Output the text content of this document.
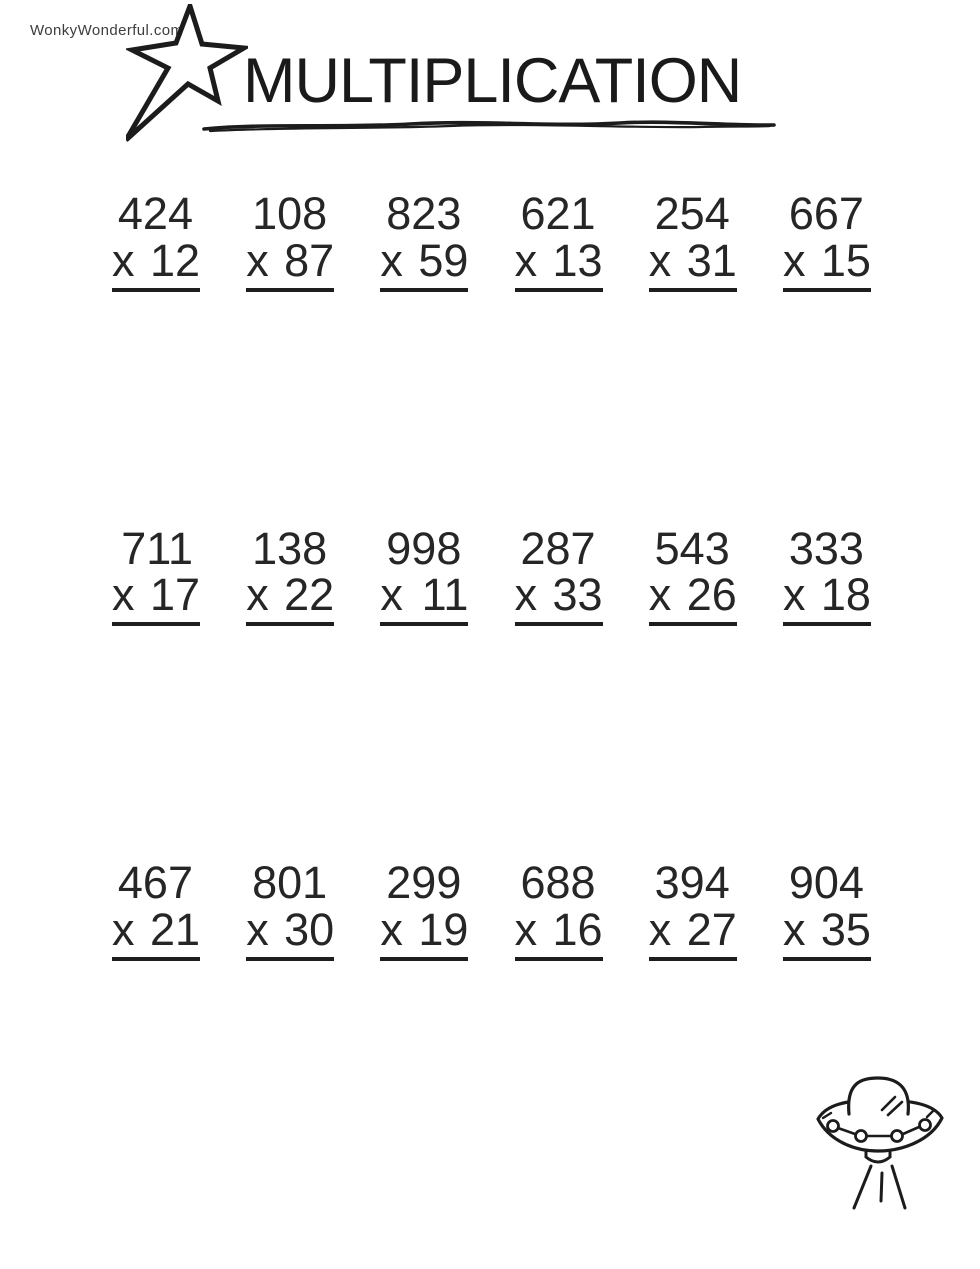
WonkyWonderful.com
MULTIPLICATION
424
x 12
108
x 87
823
x 59
621
x 13
254
x 31
667
x 15
711
x 17
138
x 22
998
x 11
287
x 33
543
x 26
333
x 18
467
x 21
801
x 30
299
x 19
688
x 16
394
x 27
904
x 35
